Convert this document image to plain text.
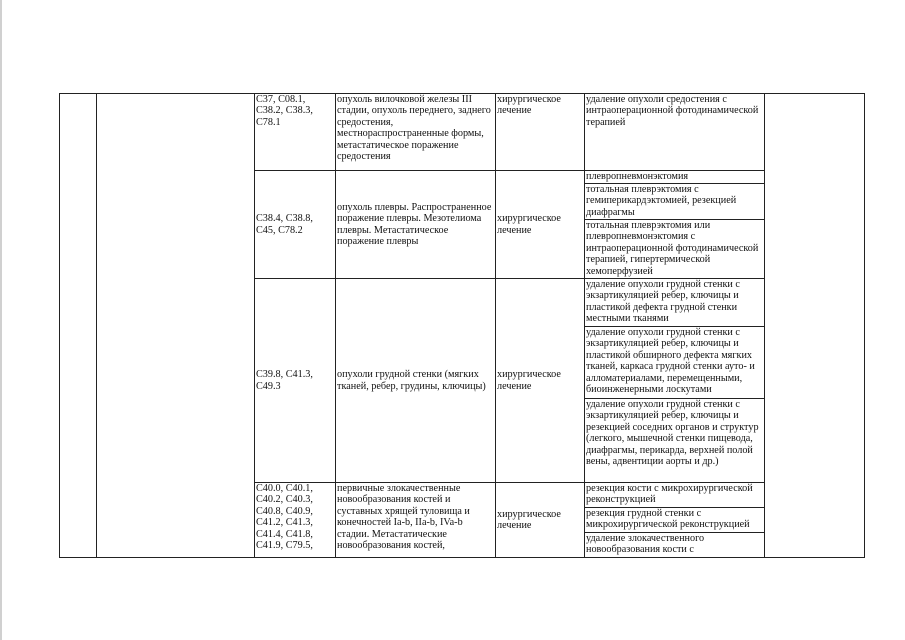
		C37, C08.1, C38.2, C38.3, C78.1	опухоль вилочковой железы III стадии, опухоль переднего, заднего средостения, местнораспространенные формы, метастатическое поражение средостения	хирургическое лечение	удаление опухоли средостения с интраоперационной фотодинамической терапией	
		C38.4, C38.8, C45, C78.2	опухоль плевры. Распространенное поражение плевры. Мезотелиома плевры. Метастатическое поражение плевры	хирургическое лечение	плевропневмонэктомия	
					тотальная плеврэктомия с гемиперикардэктомией, резекцией диафрагмы	
					тотальная плеврэктомия или плевропневмонэктомия с интраоперационной фотодинамической терапией, гипертермической хемоперфузией	
		C39.8, C41.3, C49.3	опухоли грудной стенки (мягких тканей, ребер, грудины, ключицы)	хирургическое лечение	удаление опухоли грудной стенки с экзартикуляцией ребер, ключицы и пластикой дефекта грудной стенки местными тканями	
					удаление опухоли грудной стенки с экзартикуляцией ребер, ключицы и пластикой обширного дефекта мягких тканей, каркаса грудной стенки ауто- и алломатериалами, перемещенными, биоинженерными лоскутами	
					удаление опухоли грудной стенки с экзартикуляцией ребер, ключицы и резекцией соседних органов и структур (легкого, мышечной стенки пищевода, диафрагмы, перикарда, верхней полой вены, адвентиции аорты и др.)	
		C40.0, C40.1, C40.2, C40.3, C40.8, C40.9, C41.2, C41.3, C41.4, C41.8, C41.9, C79.5,	первичные злокачественные новообразования костей и суставных хрящей туловища и конечностей Ia-b, IIa-b, IVa-b стадии. Метастатические новообразования костей,	хирургическое лечение	резекция кости с микрохирургической реконструкцией	
					резекция грудной стенки с микрохирургической реконструкцией	
					удаление злокачественного новообразования кости с	
